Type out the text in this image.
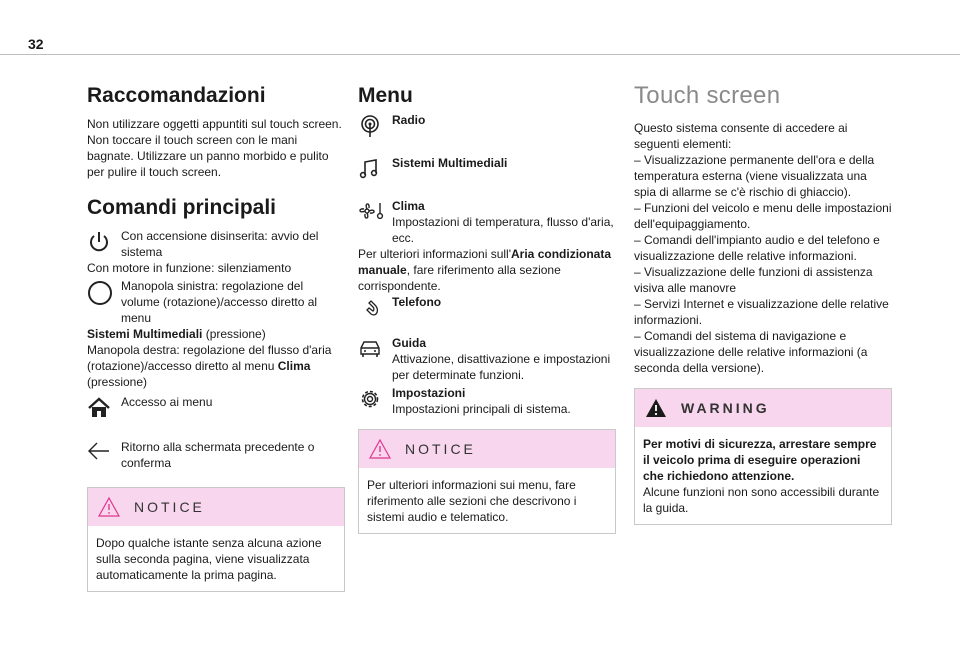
32
Raccomandazioni

Non utilizzare oggetti appuntiti sul touch screen. Non toccare il touch screen con le mani bagnate. Utilizzare un panno morbido e pulito per pulire il touch screen.

Comandi principali

Con accensione disinserita: avvio del sistema

Con motore in funzione: silenziamento

Manopola sinistra: regolazione del volume (rotazione)/accesso diretto al menu

Sistemi Multimediali (pressione)

Manopola destra: regolazione del flusso d'aria (rotazione)/accesso diretto al menu Clima

(pressione)

Accesso ai menu

Ritorno alla schermata precedente o conferma

NOTICE
Dopo qualche istante senza alcuna azione sulla seconda pagina, viene visualizzata automaticamente la prima pagina.
Menu

Radio

Sistemi Multimediali

Clima
Impostazioni di temperatura, flusso d'aria, ecc.

Per ulteriori informazioni sull'Aria condizionata manuale, fare riferimento alla sezione corrispondente.

Telefono

Guida
Attivazione, disattivazione e impostazioni per determinate funzioni.

Impostazioni
Impostazioni principali di sistema.

NOTICE
Per ulteriori informazioni sui menu, fare riferimento alle sezioni che descrivono i sistemi audio e telematico.
Touch screen

Questo sistema consente di accedere ai seguenti elementi:

– Visualizzazione permanente dell'ora e della temperatura esterna (viene visualizzata una spia di allarme se c'è rischio di ghiaccio).

– Funzioni del veicolo e menu delle impostazioni dell'equipaggiamento.

– Comandi dell'impianto audio e del telefono e visualizzazione delle relative informazioni.

– Visualizzazione delle funzioni di assistenza visiva alle manovre

– Servizi Internet e visualizzazione delle relative informazioni.

– Comandi del sistema di navigazione e visualizzazione delle relative informazioni (a seconda della versione).

WARNING
Per motivi di sicurezza, arrestare sempre il veicolo prima di eseguire operazioni che richiedono attenzione.
Alcune funzioni non sono accessibili durante la guida.
